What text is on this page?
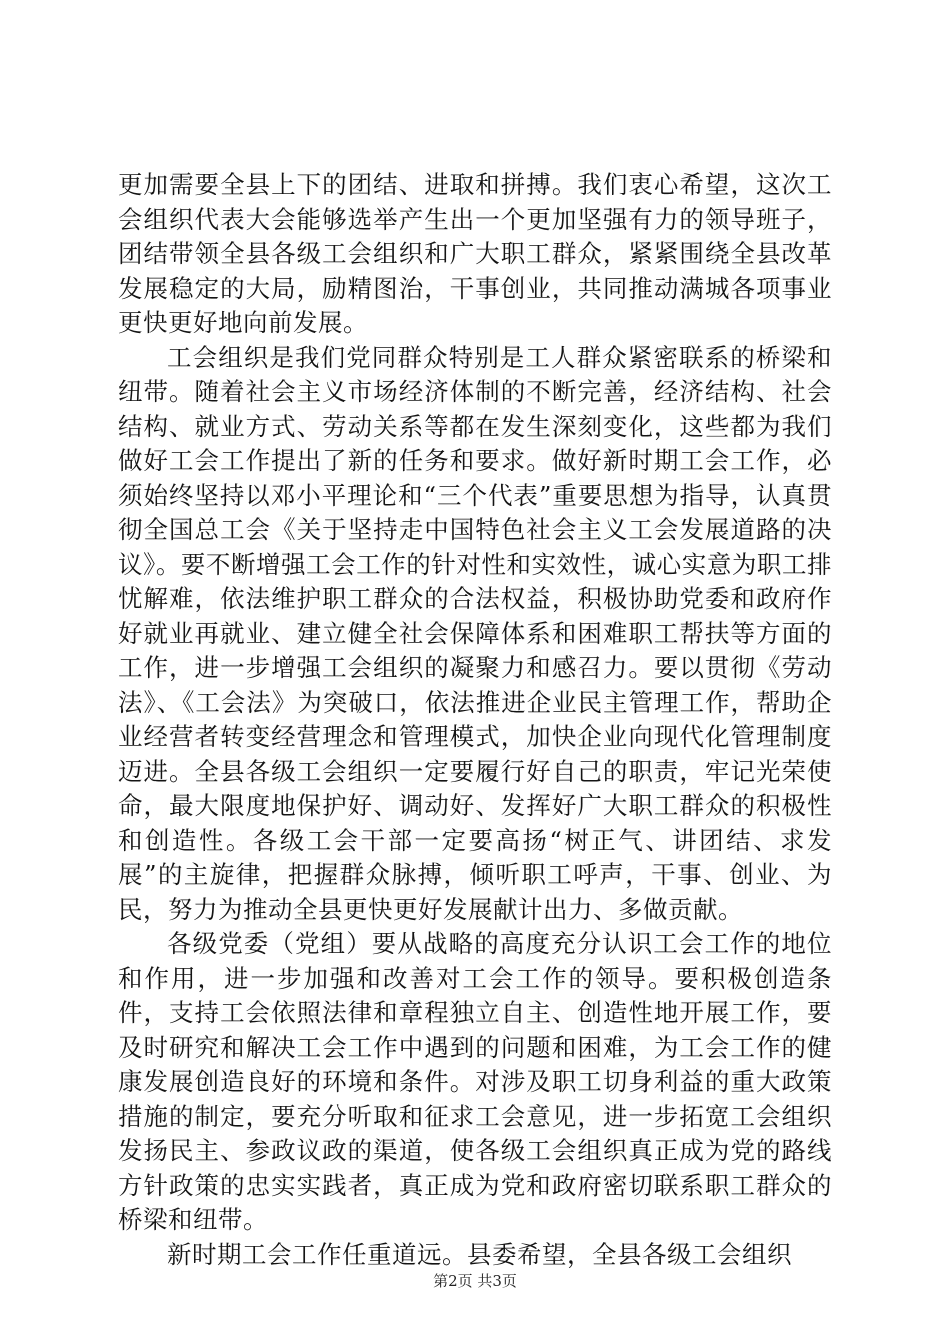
更加需要全县上下的团结、进取和拼搏。我们衷心希望，这次工会组织代表大会能够选举产生出一个更加坚强有力的领导班子，团结带领全县各级工会组织和广大职工群众，紧紧围绕全县改革发展稳定的大局，励精图治，干事创业，共同推动满城各项事业更快更好地向前发展。

工会组织是我们党同群众特别是工人群众紧密联系的桥梁和纽带。随着社会主义市场经济体制的不断完善，经济结构、社会结构、就业方式、劳动关系等都在发生深刻变化，这些都为我们做好工会工作提出了新的任务和要求。做好新时期工会工作，必须始终坚持以邓小平理论和“三个代表”重要思想为指导，认真贯彻全国总工会《关于坚持走中国特色社会主义工会发展道路的决议》。要不断增强工会工作的针对性和实效性，诚心实意为职工排忧解难，依法维护职工群众的合法权益，积极协助党委和政府作好就业再就业、建立健全社会保障体系和困难职工帮扶等方面的工作，进一步增强工会组织的凝聚力和感召力。要以贯彻《劳动法》、《工会法》为突破口，依法推进企业民主管理工作，帮助企业经营者转变经营理念和管理模式，加快企业向现代化管理制度迈进。全县各级工会组织一定要履行好自己的职责，牢记光荣使命，最大限度地保护好、调动好、发挥好广大职工群众的积极性和创造性。各级工会干部一定要高扬“树正气、讲团结、求发展”的主旋律，把握群众脉搏，倾听职工呼声，干事、创业、为民，努力为推动全县更快更好发展献计出力、多做贡献。

各级党委（党组）要从战略的高度充分认识工会工作的地位和作用，进一步加强和改善对工会工作的领导。要积极创造条件，支持工会依照法律和章程独立自主、创造性地开展工作，要及时研究和解决工会工作中遇到的问题和困难，为工会工作的健康发展创造良好的环境和条件。对涉及职工切身利益的重大政策措施的制定，要充分听取和征求工会意见，进一步拓宽工会组织发扬民主、参政议政的渠道，使各级工会组织真正成为党的路线方针政策的忠实实践者，真正成为党和政府密切联系职工群众的桥梁和纽带。

新时期工会工作任重道远。县委希望，全县各级工会组织

第2页 共3页
